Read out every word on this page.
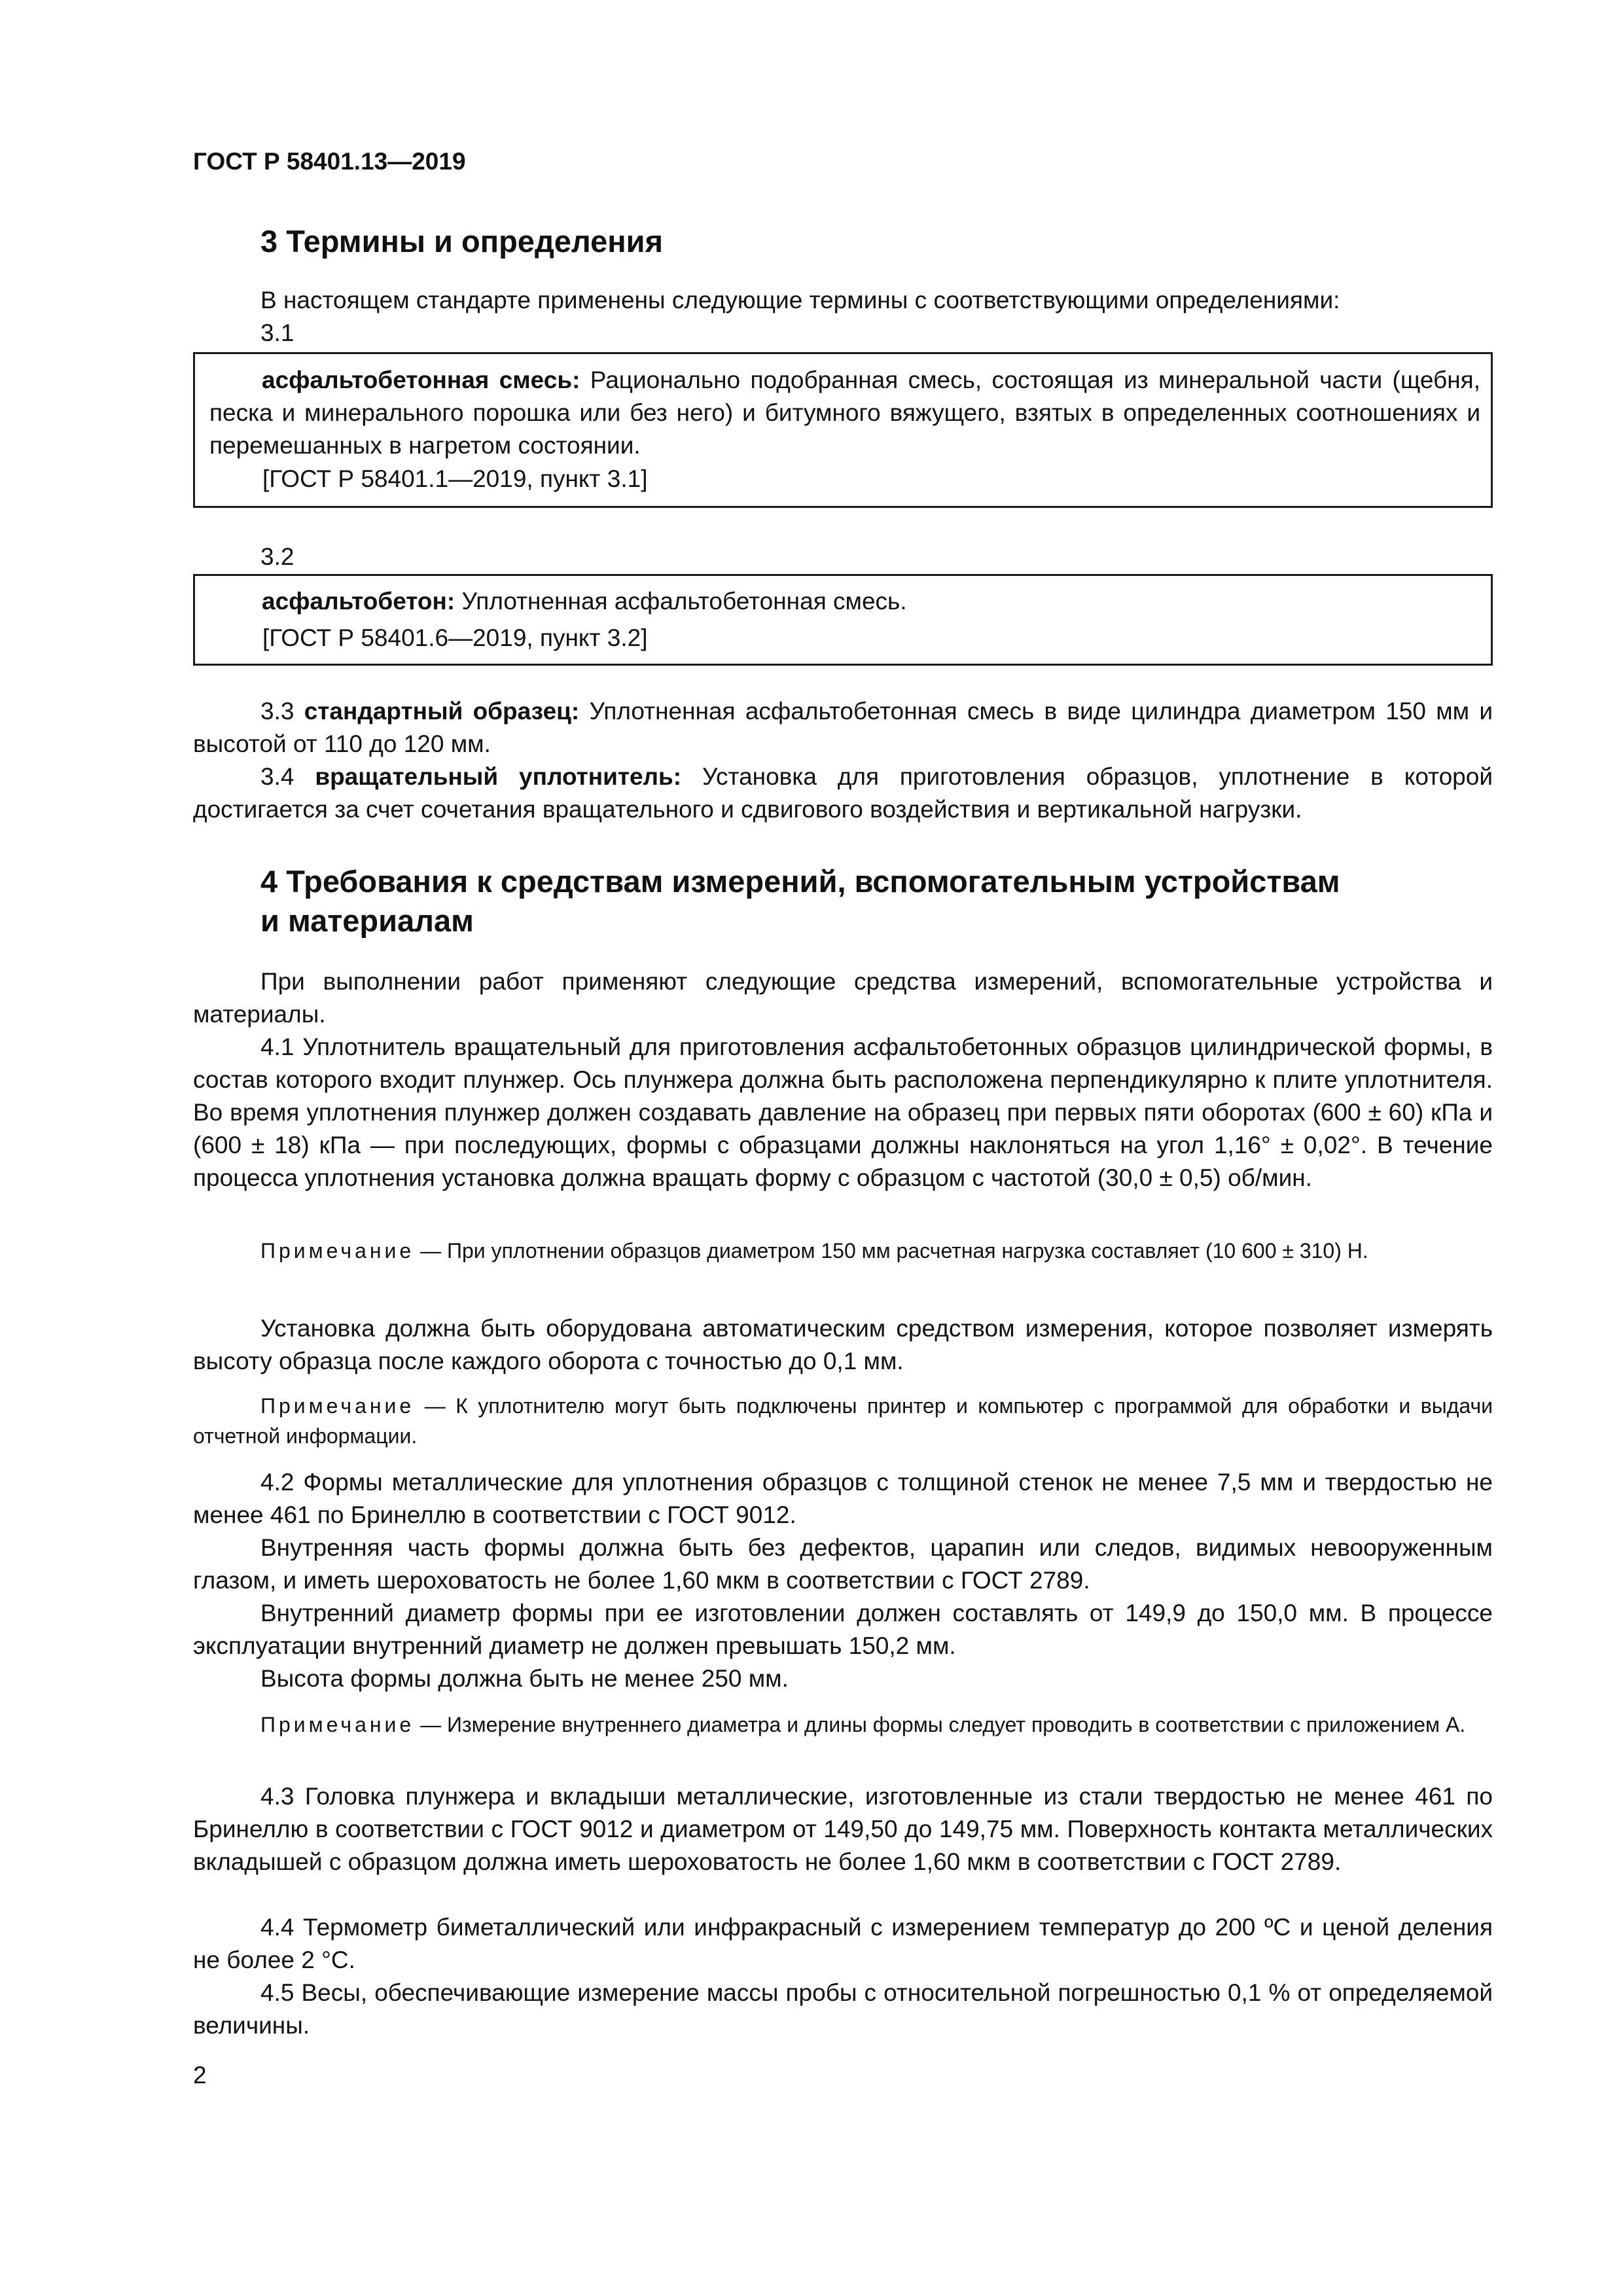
ГОСТ Р 58401.13—2019
3 Термины и определения
В настоящем стандарте применены следующие термины с соответствующими определениями:
3.1
асфальтобетонная смесь: Рационально подобранная смесь, состоящая из минеральной части (щебня, песка и минерального порошка или без него) и битумного вяжущего, взятых в определенных соотношениях и перемешанных в нагретом состоянии.
[ГОСТ Р 58401.1—2019, пункт 3.1]
3.2
асфальтобетон: Уплотненная асфальтобетонная смесь.
[ГОСТ Р 58401.6—2019, пункт 3.2]
3.3 стандартный образец: Уплотненная асфальтобетонная смесь в виде цилиндра диаметром 150 мм и высотой от 110 до 120 мм.
3.4 вращательный уплотнитель: Установка для приготовления образцов, уплотнение в которой достигается за счет сочетания вращательного и сдвигового воздействия и вертикальной нагрузки.
4 Требования к средствам измерений, вспомогательным устройствам
и материалам
При выполнении работ применяют следующие средства измерений, вспомогательные устройства и материалы.
4.1 Уплотнитель вращательный для приготовления асфальтобетонных образцов цилиндрической формы, в состав которого входит плунжер. Ось плунжера должна быть расположена перпендикулярно к плите уплотнителя. Во время уплотнения плунжер должен создавать давление на образец при первых пяти оборотах (600 ± 60) кПа и (600 ± 18) кПа — при последующих, формы с образцами должны наклоняться на угол 1,16° ± 0,02°. В течение процесса уплотнения установка должна вращать форму с образцом с частотой (30,0 ± 0,5) об/мин.
Примечание — При уплотнении образцов диаметром 150 мм расчетная нагрузка составляет (10 600 ± 310) Н.
Установка должна быть оборудована автоматическим средством измерения, которое позволяет измерять высоту образца после каждого оборота с точностью до 0,1 мм.
Примечание — К уплотнителю могут быть подключены принтер и компьютер с программой для обработки и выдачи отчетной информации.
4.2 Формы металлические для уплотнения образцов с толщиной стенок не менее 7,5 мм и твердостью не менее 461 по Бринеллю в соответствии с ГОСТ 9012.
Внутренняя часть формы должна быть без дефектов, царапин или следов, видимых невооруженным глазом, и иметь шероховатость не более 1,60 мкм в соответствии с ГОСТ 2789.
Внутренний диаметр формы при ее изготовлении должен составлять от 149,9 до 150,0 мм. В процессе эксплуатации внутренний диаметр не должен превышать 150,2 мм.
Высота формы должна быть не менее 250 мм.
Примечание — Измерение внутреннего диаметра и длины формы следует проводить в соответствии с приложением А.
4.3 Головка плунжера и вкладыши металлические, изготовленные из стали твердостью не менее 461 по Бринеллю в соответствии с ГОСТ 9012 и диаметром от 149,50 до 149,75 мм. Поверхность контакта металлических вкладышей с образцом должна иметь шероховатость не более 1,60 мкм в соответствии с ГОСТ 2789.
4.4 Термометр биметаллический или инфракрасный с измерением температур до 200 ºС и ценой деления не более 2 °С.
4.5 Весы, обеспечивающие измерение массы пробы с относительной погрешностью 0,1 % от определяемой величины.
2
